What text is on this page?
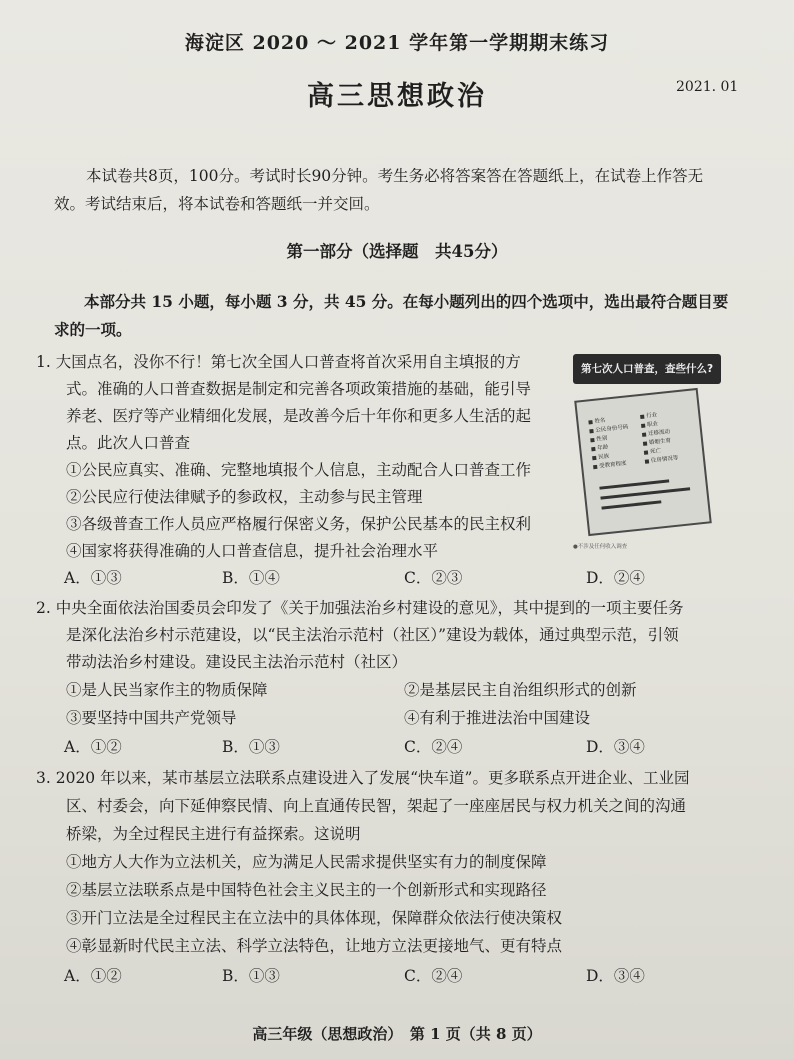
海淀区 2020 ～ 2021 学年第一学期期末练习
高三思想政治	2021. 01
本试卷共8页，100分。考试时长90分钟。考生务必将答案答在答题纸上，在试卷上作答无
效。考试结束后，将本试卷和答题纸一并交回。
第一部分（选择题　共45分）
本部分共 15 小题，每小题 3 分，共 45 分。在每小题列出的四个选项中，选出最符合题目要
求的一项。
1. 大国点名，没你不行！第七次全国人口普查将首次采用自主填报的方
式。准确的人口普查数据是制定和完善各项政策措施的基础，能引导
养老、医疗等产业精细化发展，是改善今后十年你和更多人生活的起
点。此次人口普查
①公民应真实、准确、完整地填报个人信息，主动配合人口普查工作
②公民应行使法律赋予的参政权，主动参与民主管理
③各级普查工作人员应严格履行保密义务，保护公民基本的民主权利
④国家将获得准确的人口普查信息，提升社会治理水平
A．①③	B．①④	C．②③	D．②④
第七次人口普查，查些什么?
姓名
公民身份号码
性别
年龄
民族
受教育程度
行业
职业
迁移流动
婚姻生育
死亡
住房情况等
●不涉及任何收入调查
2. 中央全面依法治国委员会印发了《关于加强法治乡村建设的意见》，其中提到的一项主要任务
是深化法治乡村示范建设，以“民主法治示范村（社区）”建设为载体，通过典型示范，引领
带动法治乡村建设。建设民主法治示范村（社区）
①是人民当家作主的物质保障	②是基层民主自治组织形式的创新
③要坚持中国共产党领导	④有利于推进法治中国建设
A．①②	B．①③	C．②④	D．③④
3. 2020 年以来，某市基层立法联系点建设进入了发展“快车道”。更多联系点开进企业、工业园
区、村委会，向下延伸察民情、向上直通传民智，架起了一座座居民与权力机关之间的沟通
桥梁，为全过程民主进行有益探索。这说明
①地方人大作为立法机关，应为满足人民需求提供坚实有力的制度保障
②基层立法联系点是中国特色社会主义民主的一个创新形式和实现路径
③开门立法是全过程民主在立法中的具体体现，保障群众依法行使决策权
④彰显新时代民主立法、科学立法特色，让地方立法更接地气、更有特点
A．①②	B．①③	C．②④	D．③④
高三年级（思想政治）　第 1 页（共 8 页）
